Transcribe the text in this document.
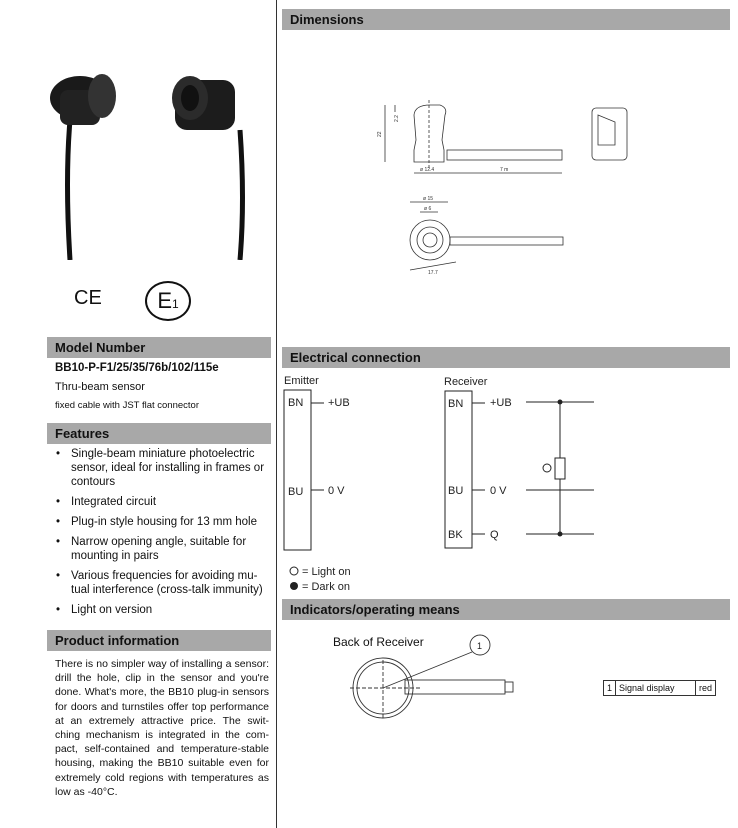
CE	E1
Model Number
BB10-P-F1/25/35/76b/102/115e
Thru-beam sensor
fixed cable with JST flat connector
Features
• Single-beam miniature photoelectric sensor, ideal for installing in frames or contours
• Integrated circuit
• Plug-in style housing for 13 mm hole
• Narrow opening angle, suitable for mounting in pairs
• Various frequencies for avoiding mu-tual interference (cross-talk immunity)
• Light on version
Product information
There is no simpler way of installing a sensor: drill the hole, clip in the sensor and you're done. What's more, the BB10 plug-in sensors for doors and turnstiles offer top performance at an extremely attractive price. The swit-ching mechanism is integrated in the com-pact, self-contained and temperature-stable housing, making the BB10 suitable even for extremely cold regions with temperatures as low as -40°C.
Dimensions
22
2.2
ø 12.4	7 m
ø 15
ø 6
17.7
Electrical connection
Emitter	Receiver
BN +UB
BU 0 V
BN +UB
BU 0 V
BK Q
= Light on
= Dark on
Indicators/operating means
Back of Receiver	1
1	Signal display	red
